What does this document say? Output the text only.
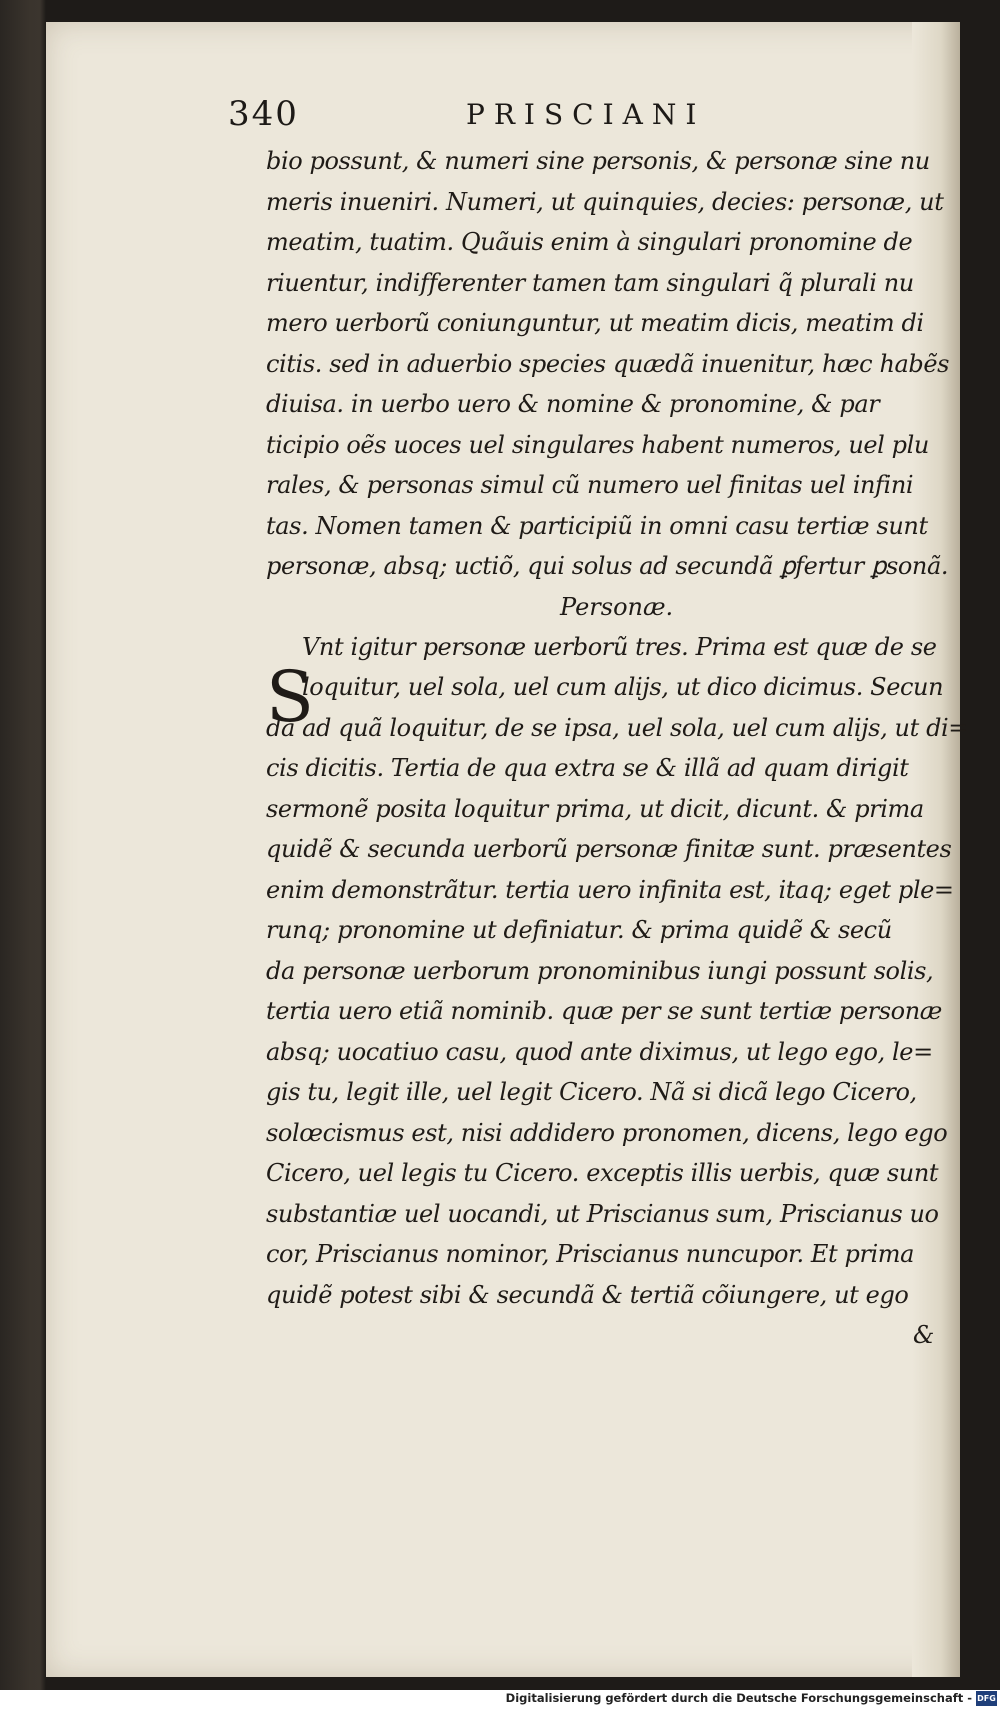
340	PRISCIANI
bio possunt, & numeri sine personis, & personæ sine nu
meris inueniri. Numeri, ut quinquies, decies: personæ, ut
meatim, tuatim. Quãuis enim à singulari pronomine de
riuentur, indifferenter tamen tam singulari q̃ plurali nu
mero uerborũ coniunguntur, ut meatim dicis, meatim di
citis. sed in aduerbio species quædã inuenitur, hæc habẽs
diuisa. in uerbo uero & nomine & pronomine, & par
ticipio oẽs uoces uel singulares habent numeros, uel plu
rales, & personas simul cũ numero uel finitas uel infini
tas. Nomen tamen & participiũ in omni casu tertiæ sunt
personæ, absq; uctiõ, qui solus ad secundã ꝑfertur ꝑsonã.
Personæ.
Vnt igitur personæ uerborũ tres. Prima est quæ de se
loquitur, uel sola, uel cum alijs, ut dico dicimus. Secun
da ad quã loquitur, de se ipsa, uel sola, uel cum alijs, ut di=
cis dicitis. Tertia de qua extra se & illã ad quam dirigit
sermonẽ posita loquitur prima, ut dicit, dicunt. & prima
quidẽ & secunda uerborũ personæ finitæ sunt. præsentes
enim demonstrãtur. tertia uero infinita est, itaq; eget ple=
runq; pronomine ut definiatur. & prima quidẽ & secũ
da personæ uerborum pronominibus iungi possunt solis,
tertia uero etiã nominib. quæ per se sunt tertiæ personæ
absq; uocatiuo casu, quod ante diximus, ut lego ego, le=
gis tu, legit ille, uel legit Cicero. Nã si dicã lego Cicero,
solœcismus est, nisi addidero pronomen, dicens, lego ego
Cicero, uel legis tu Cicero. exceptis illis uerbis, quæ sunt
substantiæ uel uocandi, ut Priscianus sum, Priscianus uo
cor, Priscianus nominor, Priscianus nuncupor. Et prima
quidẽ potest sibi & secundã & tertiã cõiungere, ut ego
&
S
Digitalisierung gefördert durch die Deutsche Forschungsgemeinschaft - DFG
